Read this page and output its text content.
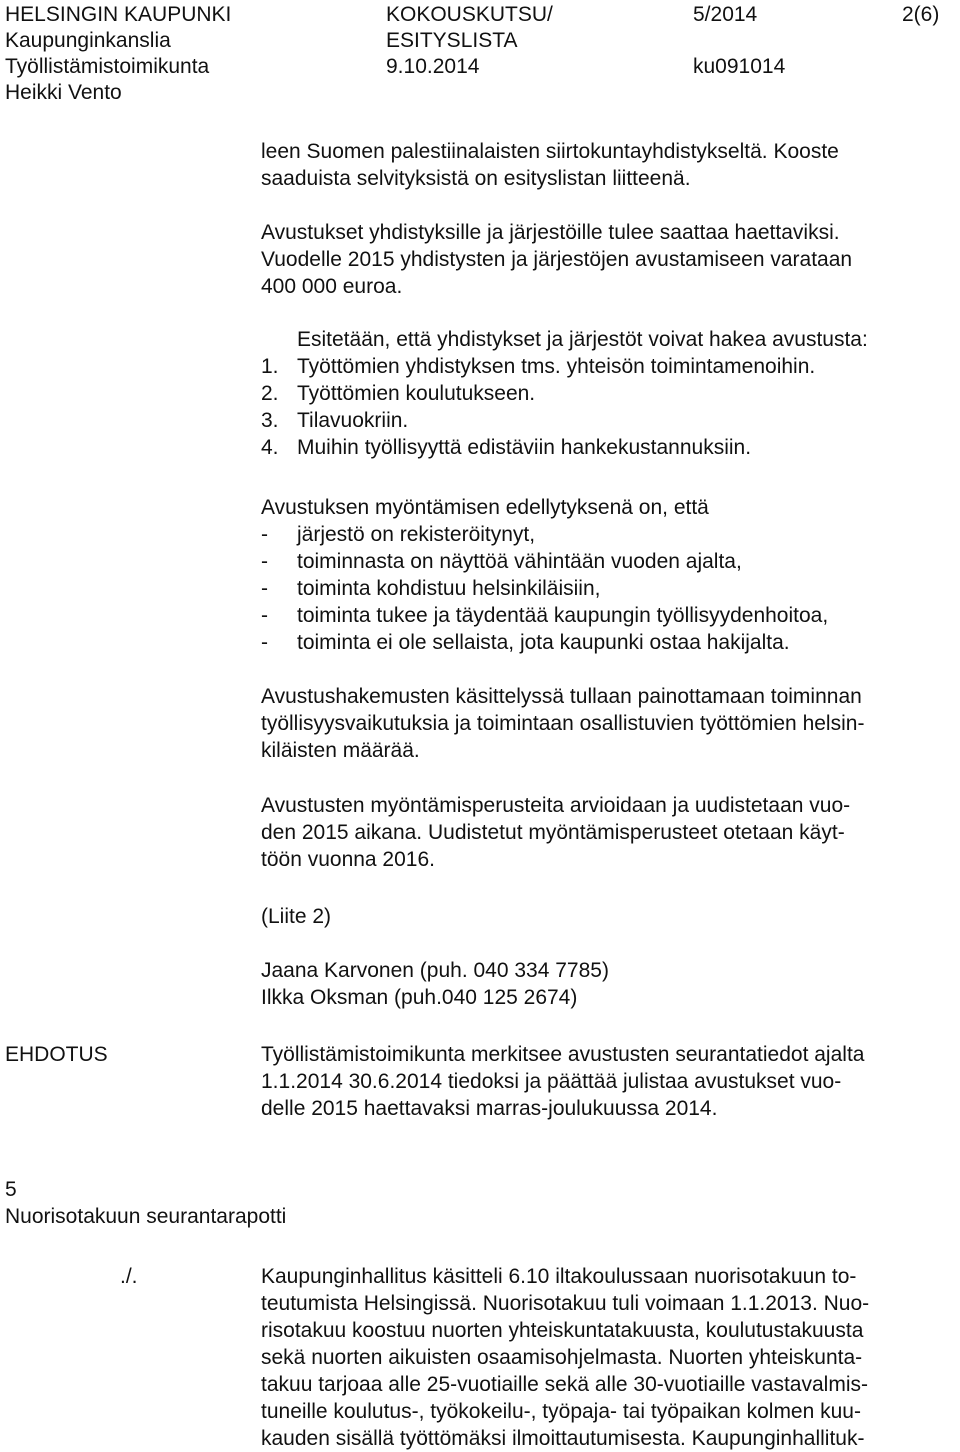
HELSINGIN KAUPUNKI
Kaupunginkanslia
Työllistämistoimikunta
Heikki Vento
KOKOUSKUTSU/
ESITYSLISTA
9.10.2014
5/2014
ku091014
2(6)
leen Suomen palestiinalaisten siirtokuntayhdistykseltä. Kooste
saaduista selvityksistä on esityslistan liitteenä.
Avustukset yhdistyksille ja järjestöille tulee saattaa haettaviksi.
Vuodelle 2015 yhdistysten ja järjestöjen avustamiseen varataan
400 000 euroa.
Esitetään, että yhdistykset ja järjestöt voivat hakea avustusta:
1. Työttömien yhdistyksen tms. yhteisön toimintamenoihin.
2. Työttömien koulutukseen.
3. Tilavuokriin.
4. Muihin työllisyyttä edistäviin hankekustannuksiin.
Avustuksen myöntämisen edellytyksenä on, että
- järjestö on rekisteröitynyt,
- toiminnasta on näyttöä vähintään vuoden ajalta,
- toiminta kohdistuu helsinkiläisiin,
- toiminta tukee ja täydentää kaupungin työllisyydenhoitoa,
- toiminta ei ole sellaista, jota kaupunki ostaa hakijalta.
Avustushakemusten käsittelyssä tullaan painottamaan toiminnan
työllisyysvaikutuksia ja toimintaan osallistuvien työttömien helsin-
kiläisten määrää.
Avustusten myöntämisperusteita arvioidaan ja uudistetaan vuo-
den 2015 aikana. Uudistetut myöntämisperusteet otetaan käyt-
töön vuonna 2016.
(Liite 2)
Jaana Karvonen (puh. 040 334 7785)
Ilkka Oksman (puh.040 125 2674)
EHDOTUS	Työllistämistoimikunta merkitsee avustusten seurantatiedot ajalta
1.1.2014 30.6.2014 tiedoksi ja päättää julistaa avustukset vuo-
delle 2015 haettavaksi marras-joulukuussa 2014.
5
Nuorisotakuun seurantarapotti
./.	Kaupunginhallitus käsitteli 6.10 iltakoulussaan nuorisotakuun to-
teutumista Helsingissä. Nuorisotakuu tuli voimaan 1.1.2013. Nuo-
risotakuu koostuu nuorten yhteiskuntatakuusta, koulutustakuusta
sekä nuorten aikuisten osaamisohjelmasta. Nuorten yhteiskunta-
takuu tarjoaa alle 25-vuotiaille sekä alle 30-vuotiaille vastavalmis-
tuneille koulutus-, työkokeilu-, työpaja- tai työpaikan kolmen kuu-
kauden sisällä työttömäksi ilmoittautumisesta. Kaupunginhallituk-
